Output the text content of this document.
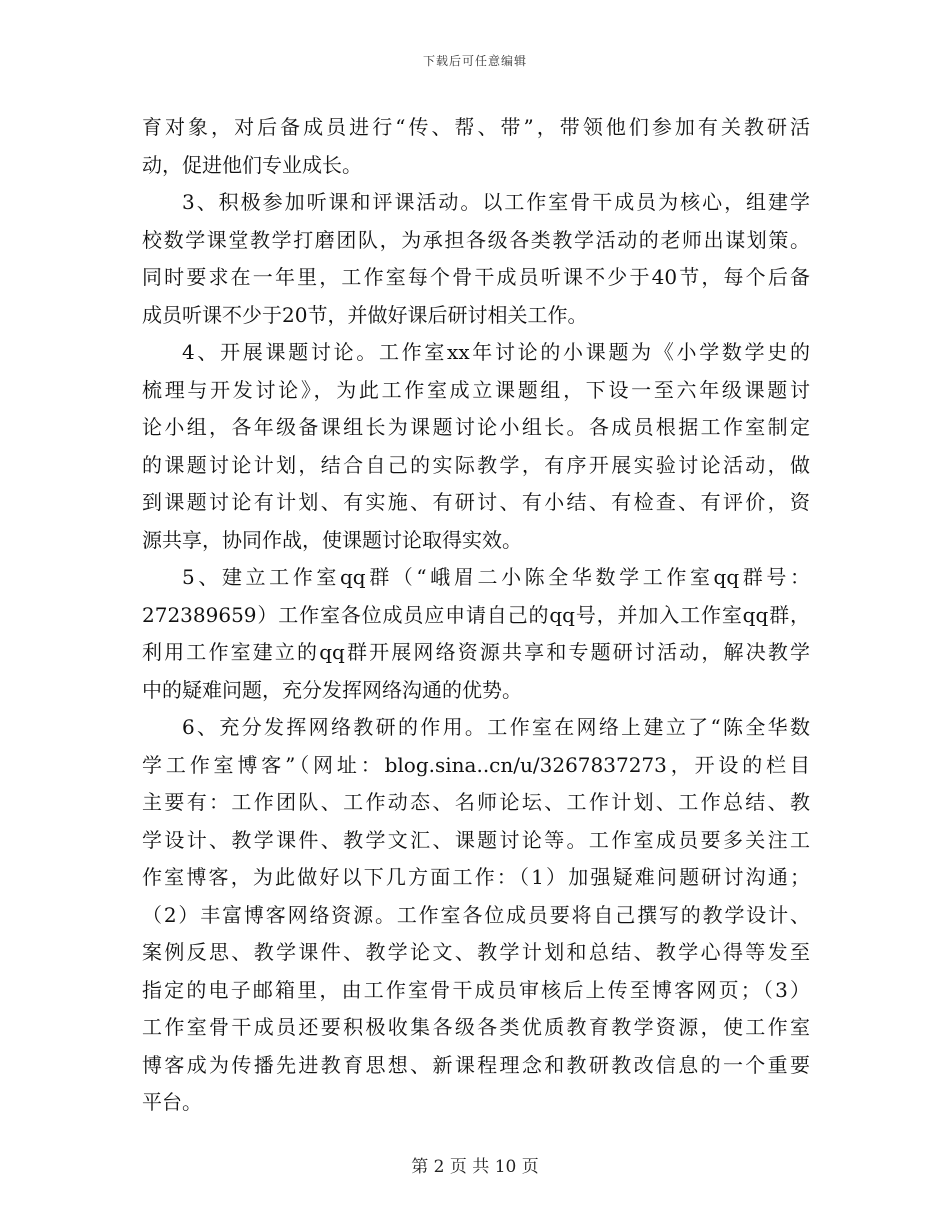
下载后可任意编辑
育对象，对后备成员进行“传、帮、带”，带领他们参加有关教研活
动，促进他们专业成长。
3、积极参加听课和评课活动。以工作室骨干成员为核心，组建学
校数学课堂教学打磨团队，为承担各级各类教学活动的老师出谋划策。
同时要求在一年里，工作室每个骨干成员听课不少于40节，每个后备
成员听课不少于20节，并做好课后研讨相关工作。
4、开展课题讨论。工作室xx年讨论的小课题为《小学数学史的
梳理与开发讨论》，为此工作室成立课题组，下设一至六年级课题讨
论小组，各年级备课组长为课题讨论小组长。各成员根据工作室制定
的课题讨论计划，结合自己的实际教学，有序开展实验讨论活动，做
到课题讨论有计划、有实施、有研讨、有小结、有检查、有评价，资
源共享，协同作战，使课题讨论取得实效。
5、建立工作室qq群（“峨眉二小陈全华数学工作室qq群号：
272389659）工作室各位成员应申请自己的qq号，并加入工作室qq群，
利用工作室建立的qq群开展网络资源共享和专题研讨活动，解决教学
中的疑难问题，充分发挥网络沟通的优势。
6、充分发挥网络教研的作用。工作室在网络上建立了“陈全华数
学工作室博客”（网址：blog.sina..cn/u/3267837273，开设的栏目
主要有：工作团队、工作动态、名师论坛、工作计划、工作总结、教
学设计、教学课件、教学文汇、课题讨论等。工作室成员要多关注工
作室博客，为此做好以下几方面工作：（1）加强疑难问题研讨沟通；
（2）丰富博客网络资源。工作室各位成员要将自己撰写的教学设计、
案例反思、教学课件、教学论文、教学计划和总结、教学心得等发至
指定的电子邮箱里，由工作室骨干成员审核后上传至博客网页；（3）
工作室骨干成员还要积极收集各级各类优质教育教学资源，使工作室
博客成为传播先进教育思想、新课程理念和教研教改信息的一个重要
平台。
第 2 页 共 10 页
